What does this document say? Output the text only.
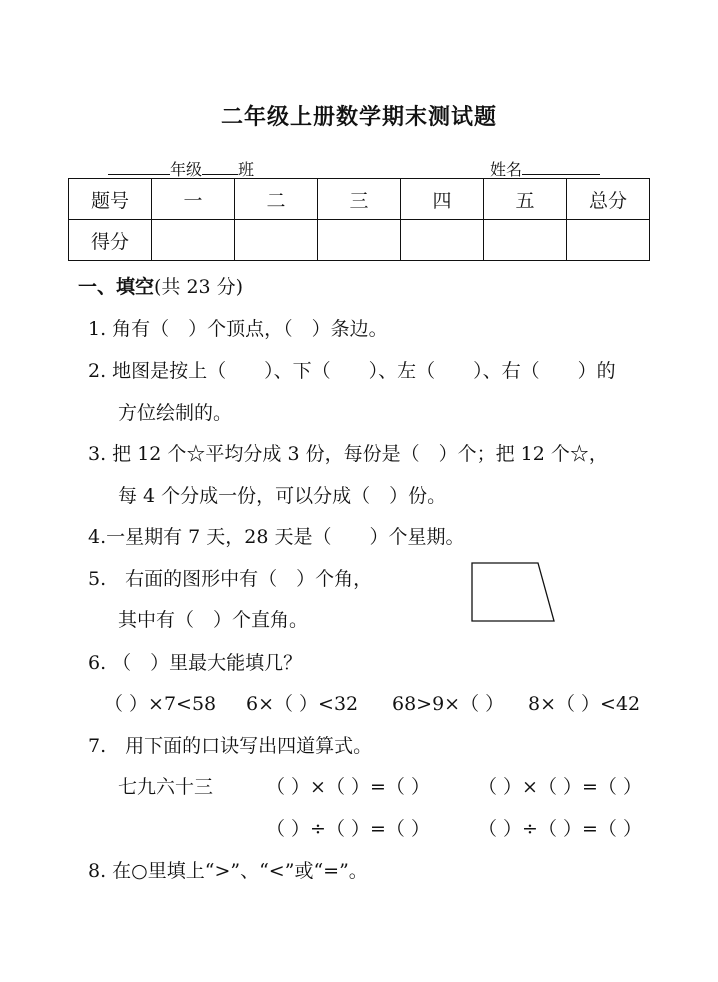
二年级上册数学期末测试题
年级 班	姓名
题号	一	二	三	四	五	总分
得分						
一、填空(共 23 分)
1. 角有（　）个顶点，（　）条边。
2. 地图是按上（　　）、下（　　）、左（　　）、右（　　）的
方位绘制的。
3. 把 12 个☆平均分成 3 份，每份是（　）个；把 12 个☆，
每 4 个分成一份，可以分成（　）份。
4.一星期有 7 天，28 天是（　　）个星期。
5.　右面的图形中有（　）个角，
其中有（　）个直角。
6. （　）里最大能填几？
（ ）×7<58 6×（ ）<32 68>9×（ ） 8×（ ）<42
7.　用下面的口诀写出四道算式。
七九六十三	（ ）×（ ）=（ ）	（ ）×（ ）=（ ）
（ ）÷（ ）=（ ）	（ ）÷（ ）=（ ）
8. 在○里填上“>”、“<”或“=”。
